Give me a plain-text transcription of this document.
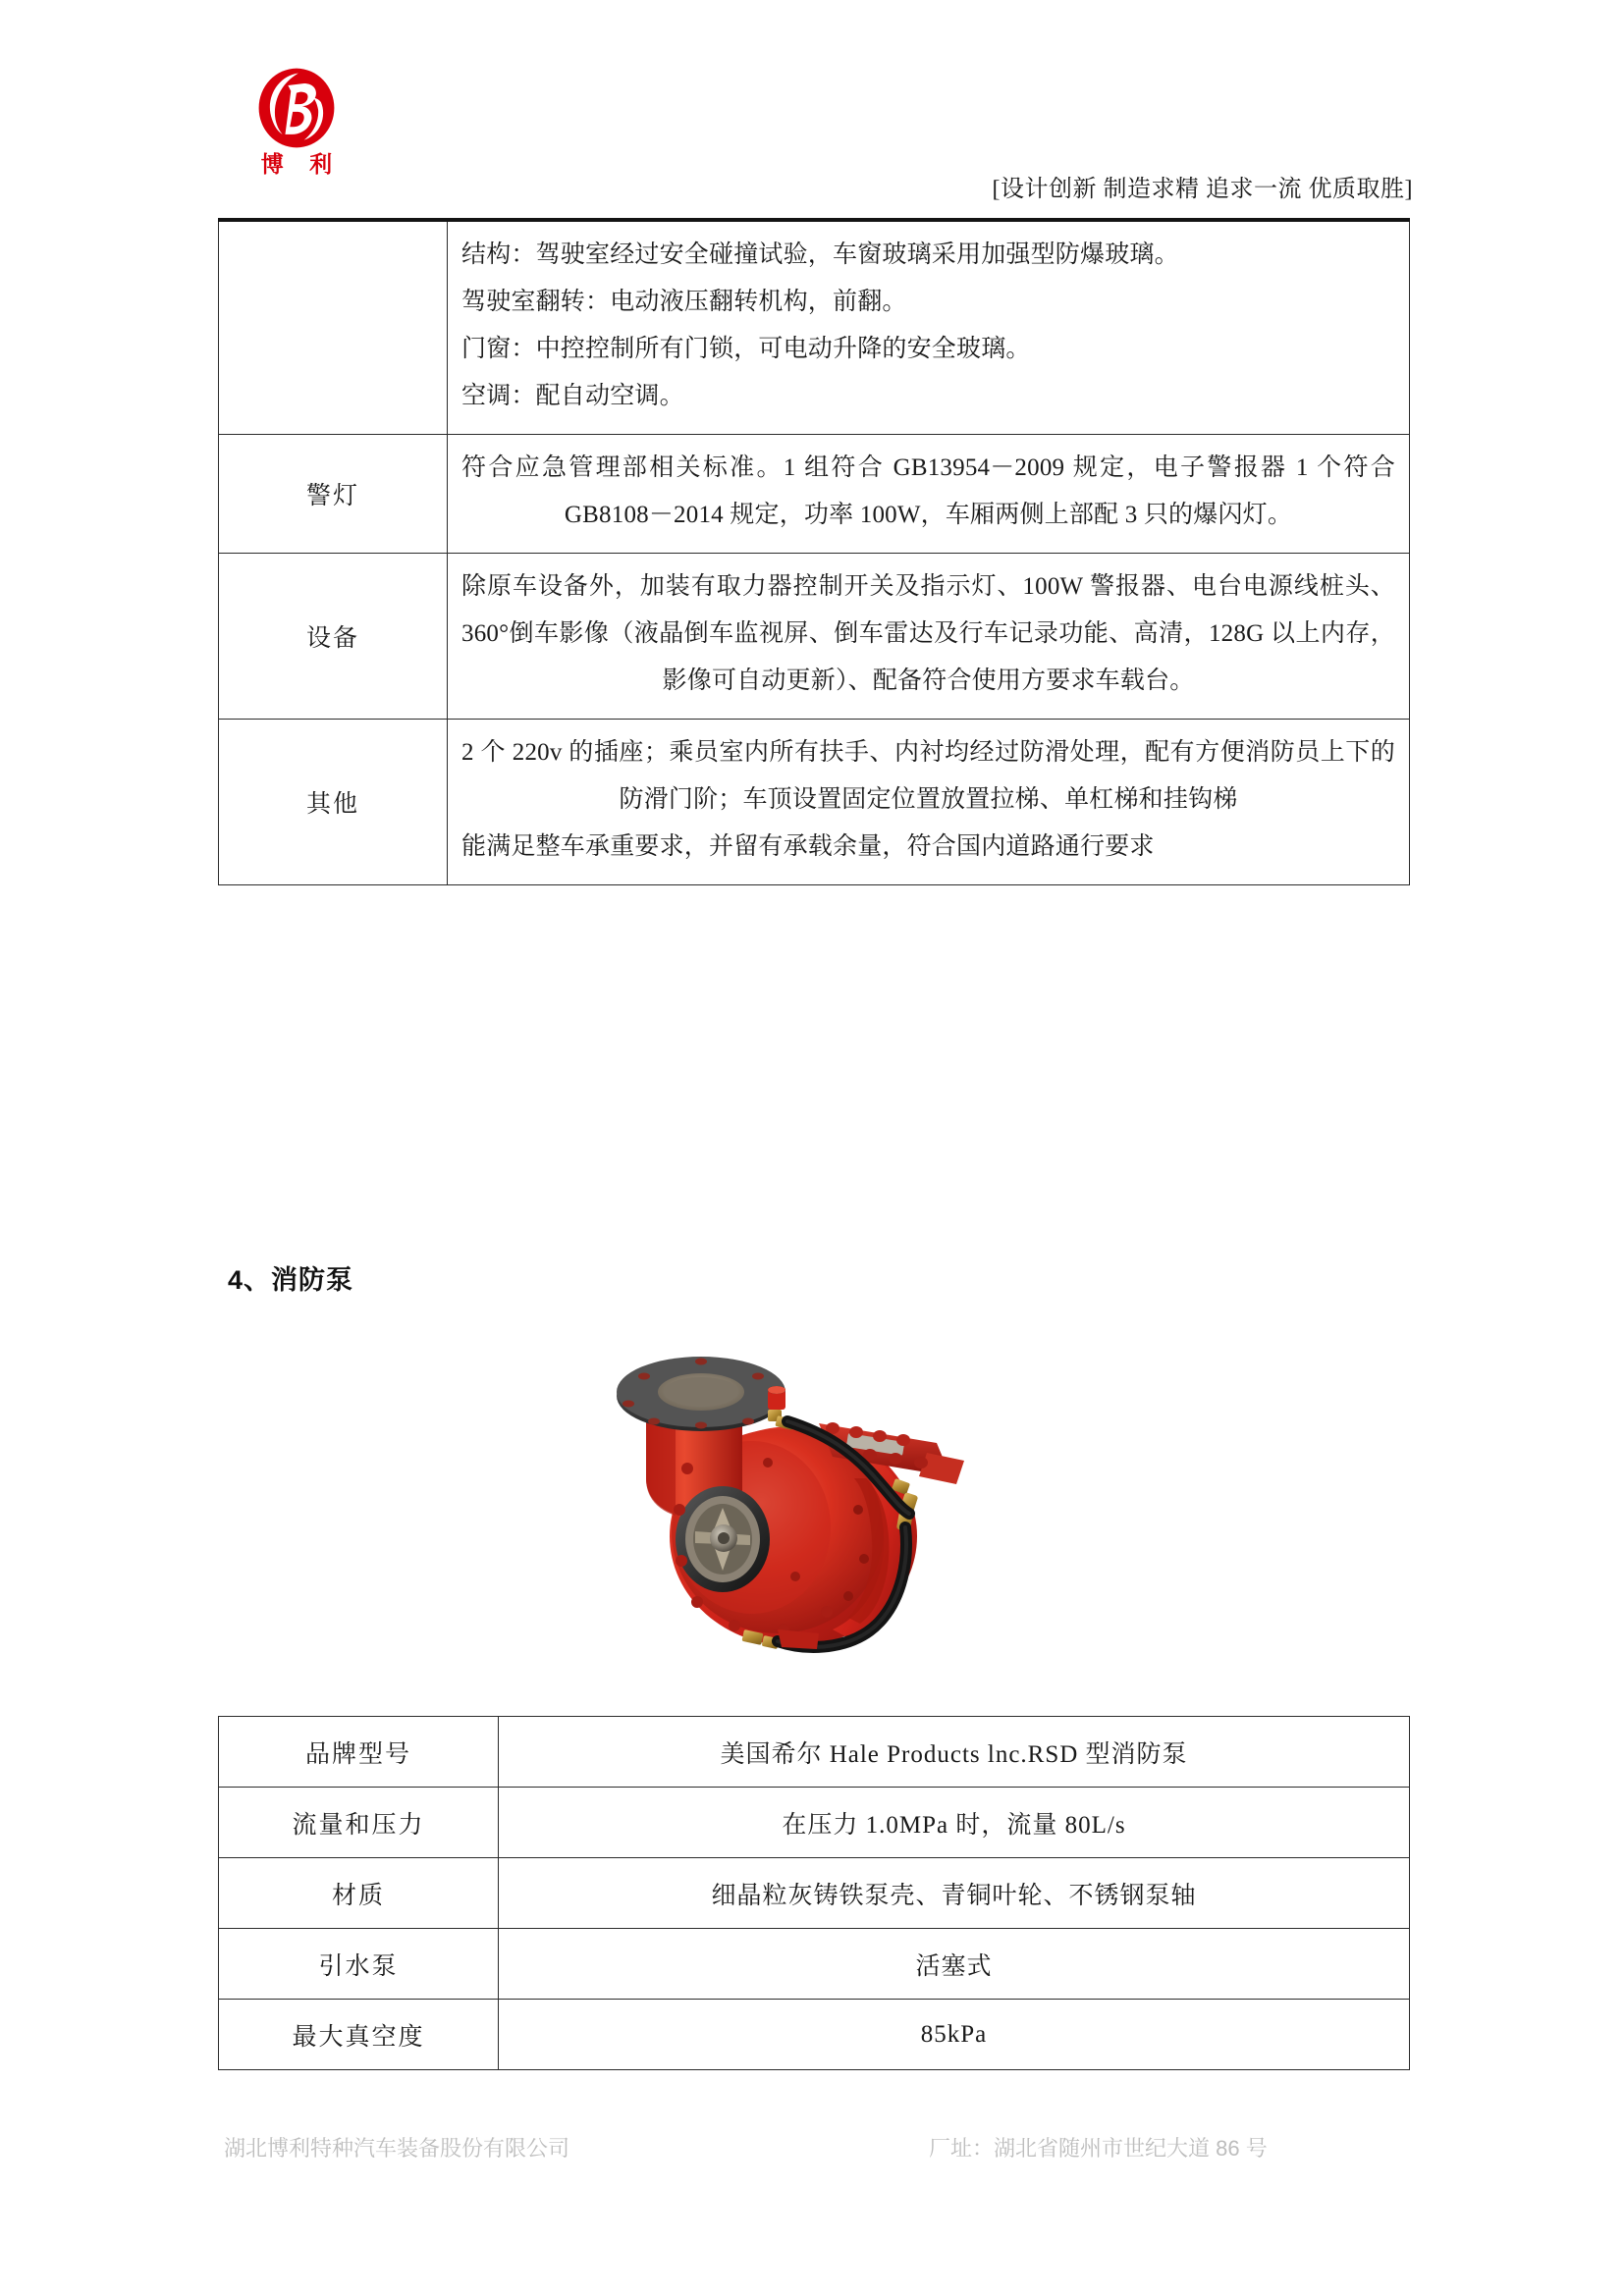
博 利
[设计创新 制造求精 追求一流 优质取胜]

	结构：驾驶室经过安全碰撞试验，车窗玻璃采用加强型防爆玻璃。

驾驶室翻转：电动液压翻转机构，前翻。

门窗：中控控制所有门锁，可电动升降的安全玻璃。

空调：配自动空调。

警灯	符合应急管理部相关标准。1 组符合 GB13954－2009 规定，电子警报器 1 个符合 GB8108－2014 规定，功率 100W，车厢两侧上部配 3 只的爆闪灯。

设备	除原车设备外，加装有取力器控制开关及指示灯、100W 警报器、电台电源线桩头、360°倒车影像（液晶倒车监视屏、倒车雷达及行车记录功能、高清，128G 以上内存，影像可自动更新）、配备符合使用方要求车载台。

其他	2 个 220v 的插座；乘员室内所有扶手、内衬均经过防滑处理，配有方便消防员上下的防滑门阶；车顶设置固定位置放置拉梯、单杠梯和挂钩梯

能满足整车承重要求，并留有承载余量，符合国内道路通行要求

4、消防泵
品牌型号	美国希尔 Hale Products lnc.RSD 型消防泵
流量和压力	在压力 1.0MPa 时，流量 80L/s
材质	细晶粒灰铸铁泵壳、青铜叶轮、不锈钢泵轴
引水泵	活塞式
最大真空度	85kPa
湖北博利特种汽车装备股份有限公司	厂址：湖北省随州市世纪大道 86 号
